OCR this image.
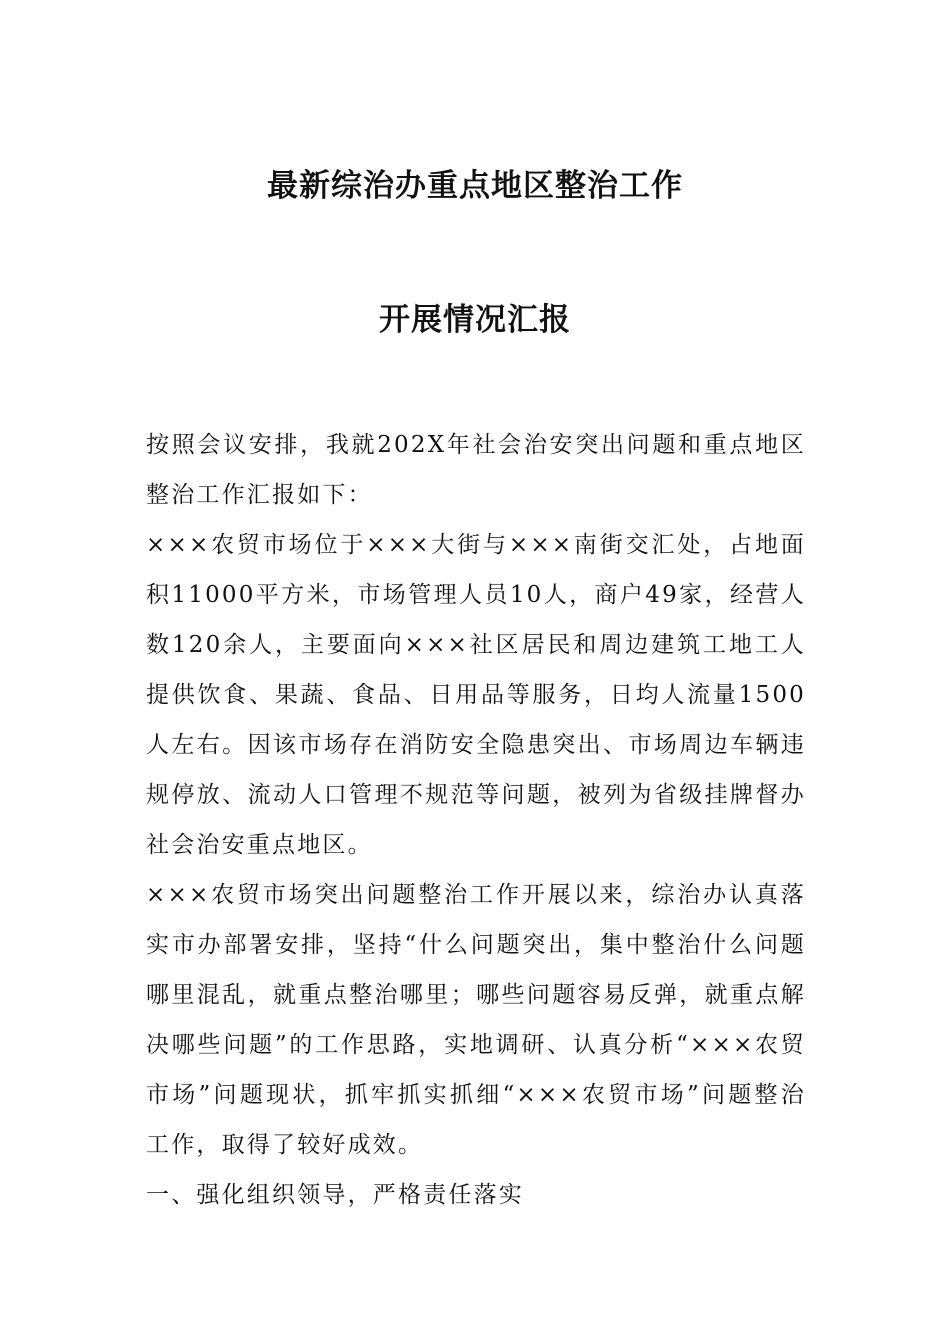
最新综治办重点地区整治工作
开展情况汇报

按照会议安排，我就202X年社会治安突出问题和重点地区整治工作汇报如下：

×××农贸市场位于×××大街与×××南街交汇处，占地面积11000平方米，市场管理人员10人，商户49家，经营人数120余人，主要面向×××社区居民和周边建筑工地工人提供饮食、果蔬、食品、日用品等服务，日均人流量1500人左右。因该市场存在消防安全隐患突出、市场周边车辆违规停放、流动人口管理不规范等问题，被列为省级挂牌督办社会治安重点地区。

×××农贸市场突出问题整治工作开展以来，综治办认真落实市办部署安排，坚持“什么问题突出，集中整治什么问题哪里混乱，就重点整治哪里；哪些问题容易反弹，就重点解决哪些问题”的工作思路，实地调研、认真分析“×××农贸市场”问题现状，抓牢抓实抓细“×××农贸市场”问题整治工作，取得了较好成效。

一、强化组织领导，严格责任落实
